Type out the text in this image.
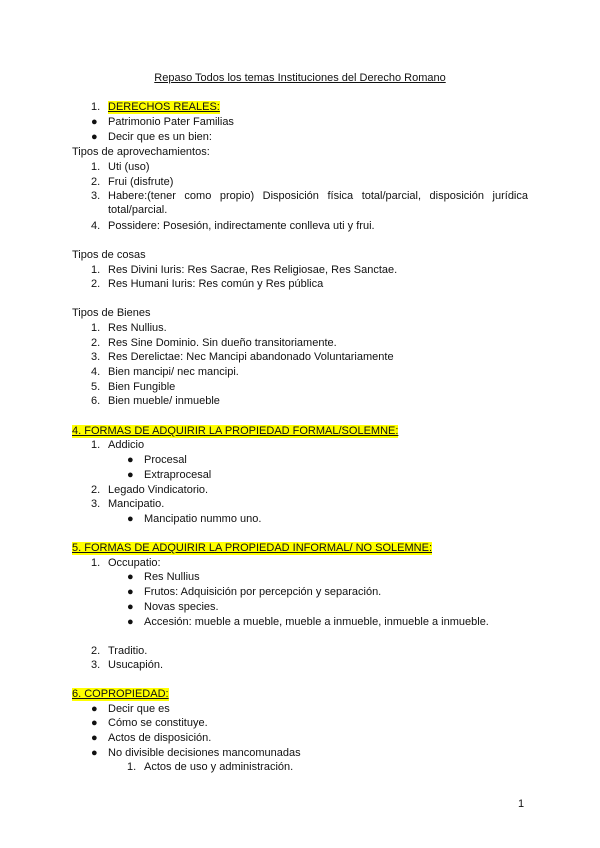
Repaso Todos los temas Instituciones del Derecho Romano
1. DERECHOS REALES:
● Patrimonio Pater Familias
● Decir que es un bien:
Tipos de aprovechamientos:
1. Uti (uso)
2. Frui (disfrute)
3. Habere:(tener como propio) Disposición física total/parcial, disposición jurídica
total/parcial.
4. Possidere: Posesión, indirectamente conlleva uti y frui.
Tipos de cosas
1. Res Divini Iuris: Res Sacrae, Res Religiosae, Res Sanctae.
2. Res Humani Iuris: Res común y Res pública
Tipos de Bienes
1. Res Nullius.
2. Res Sine Dominio. Sin dueño transitoriamente.
3. Res Derelictae: Nec Mancipi abandonado Voluntariamente
4. Bien mancipi/ nec mancipi.
5. Bien Fungible
6. Bien mueble/ inmueble
4. FORMAS DE ADQUIRIR LA PROPIEDAD FORMAL/SOLEMNE:
1. Addicio
● Procesal
● Extraprocesal
2. Legado Vindicatorio.
3. Mancipatio.
● Mancipatio nummo uno.
5. FORMAS DE ADQUIRIR LA PROPIEDAD INFORMAL/ NO SOLEMNE:
1. Occupatio:
● Res Nullius
● Frutos: Adquisición por percepción y separación.
● Novas species.
● Accesión: mueble a mueble, mueble a inmueble, inmueble a inmueble.
2. Traditio.
3. Usucapión.
6. COPROPIEDAD:
● Decir que es
● Cómo se constituye.
● Actos de disposición.
● No divisible decisiones mancomunadas
1. Actos de uso y administración.
1
